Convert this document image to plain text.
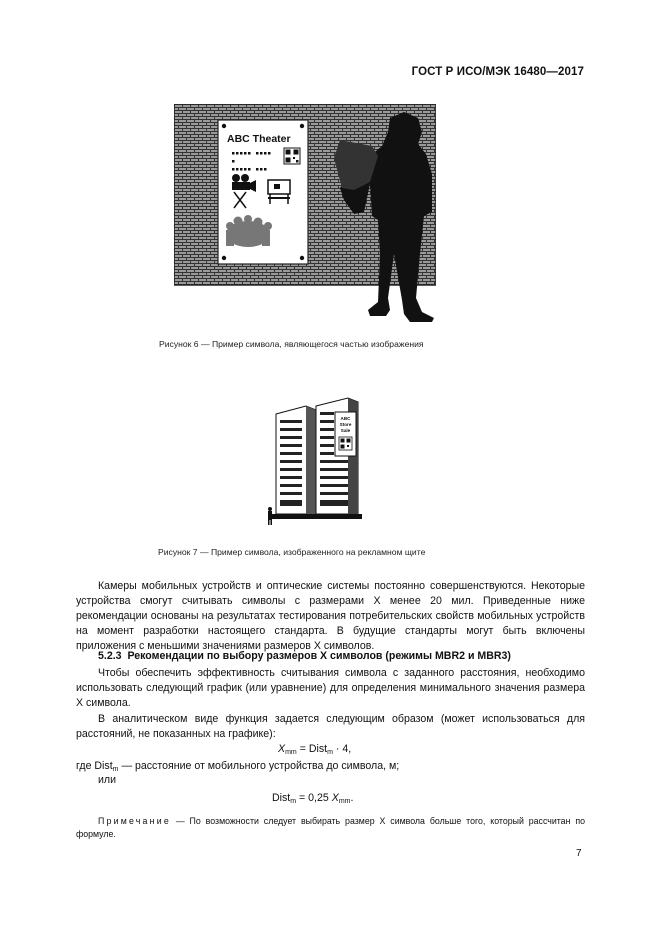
ГОСТ Р ИСО/МЭК 16480—2017
ABC Theater
Рисунок 6 — Пример символа, являющегося частью изображения
ABC
Store
Sale
Рисунок 7 — Пример символа, изображенного на рекламном щите
Камеры мобильных устройств и оптические системы постоянно совершенствуются. Некоторые устройства смогут считывать символы с размерами X менее 20 мил. Приведенные ниже рекомендации основаны на результатах тестирования потребительских свойств мобильных устройств на момент разработки настоящего стандарта. В будущие стандарты могут быть включены приложения с меньшими значениями размеров X символов.
5.2.3 Рекомендации по выбору размеров X символов (режимы MBR2 и MBR3)
Чтобы обеспечить эффективность считывания символа с заданного расстояния, необходимо использовать следующий график (или уравнение) для определения минимального значения размера X символа.
В аналитическом виде функция задается следующим образом (может использоваться для расстояний, не показанных на графике):
$X_{mm}$ = Dist$_m$ · 4,
где Dist$_m$ — расстояние от мобильного устройства до символа, м;
или
Dist$_m$ = 0,25 $X_{mm}$.
Примечание — По возможности следует выбирать размер X символа больше того, который рассчитан по формуле.
7
